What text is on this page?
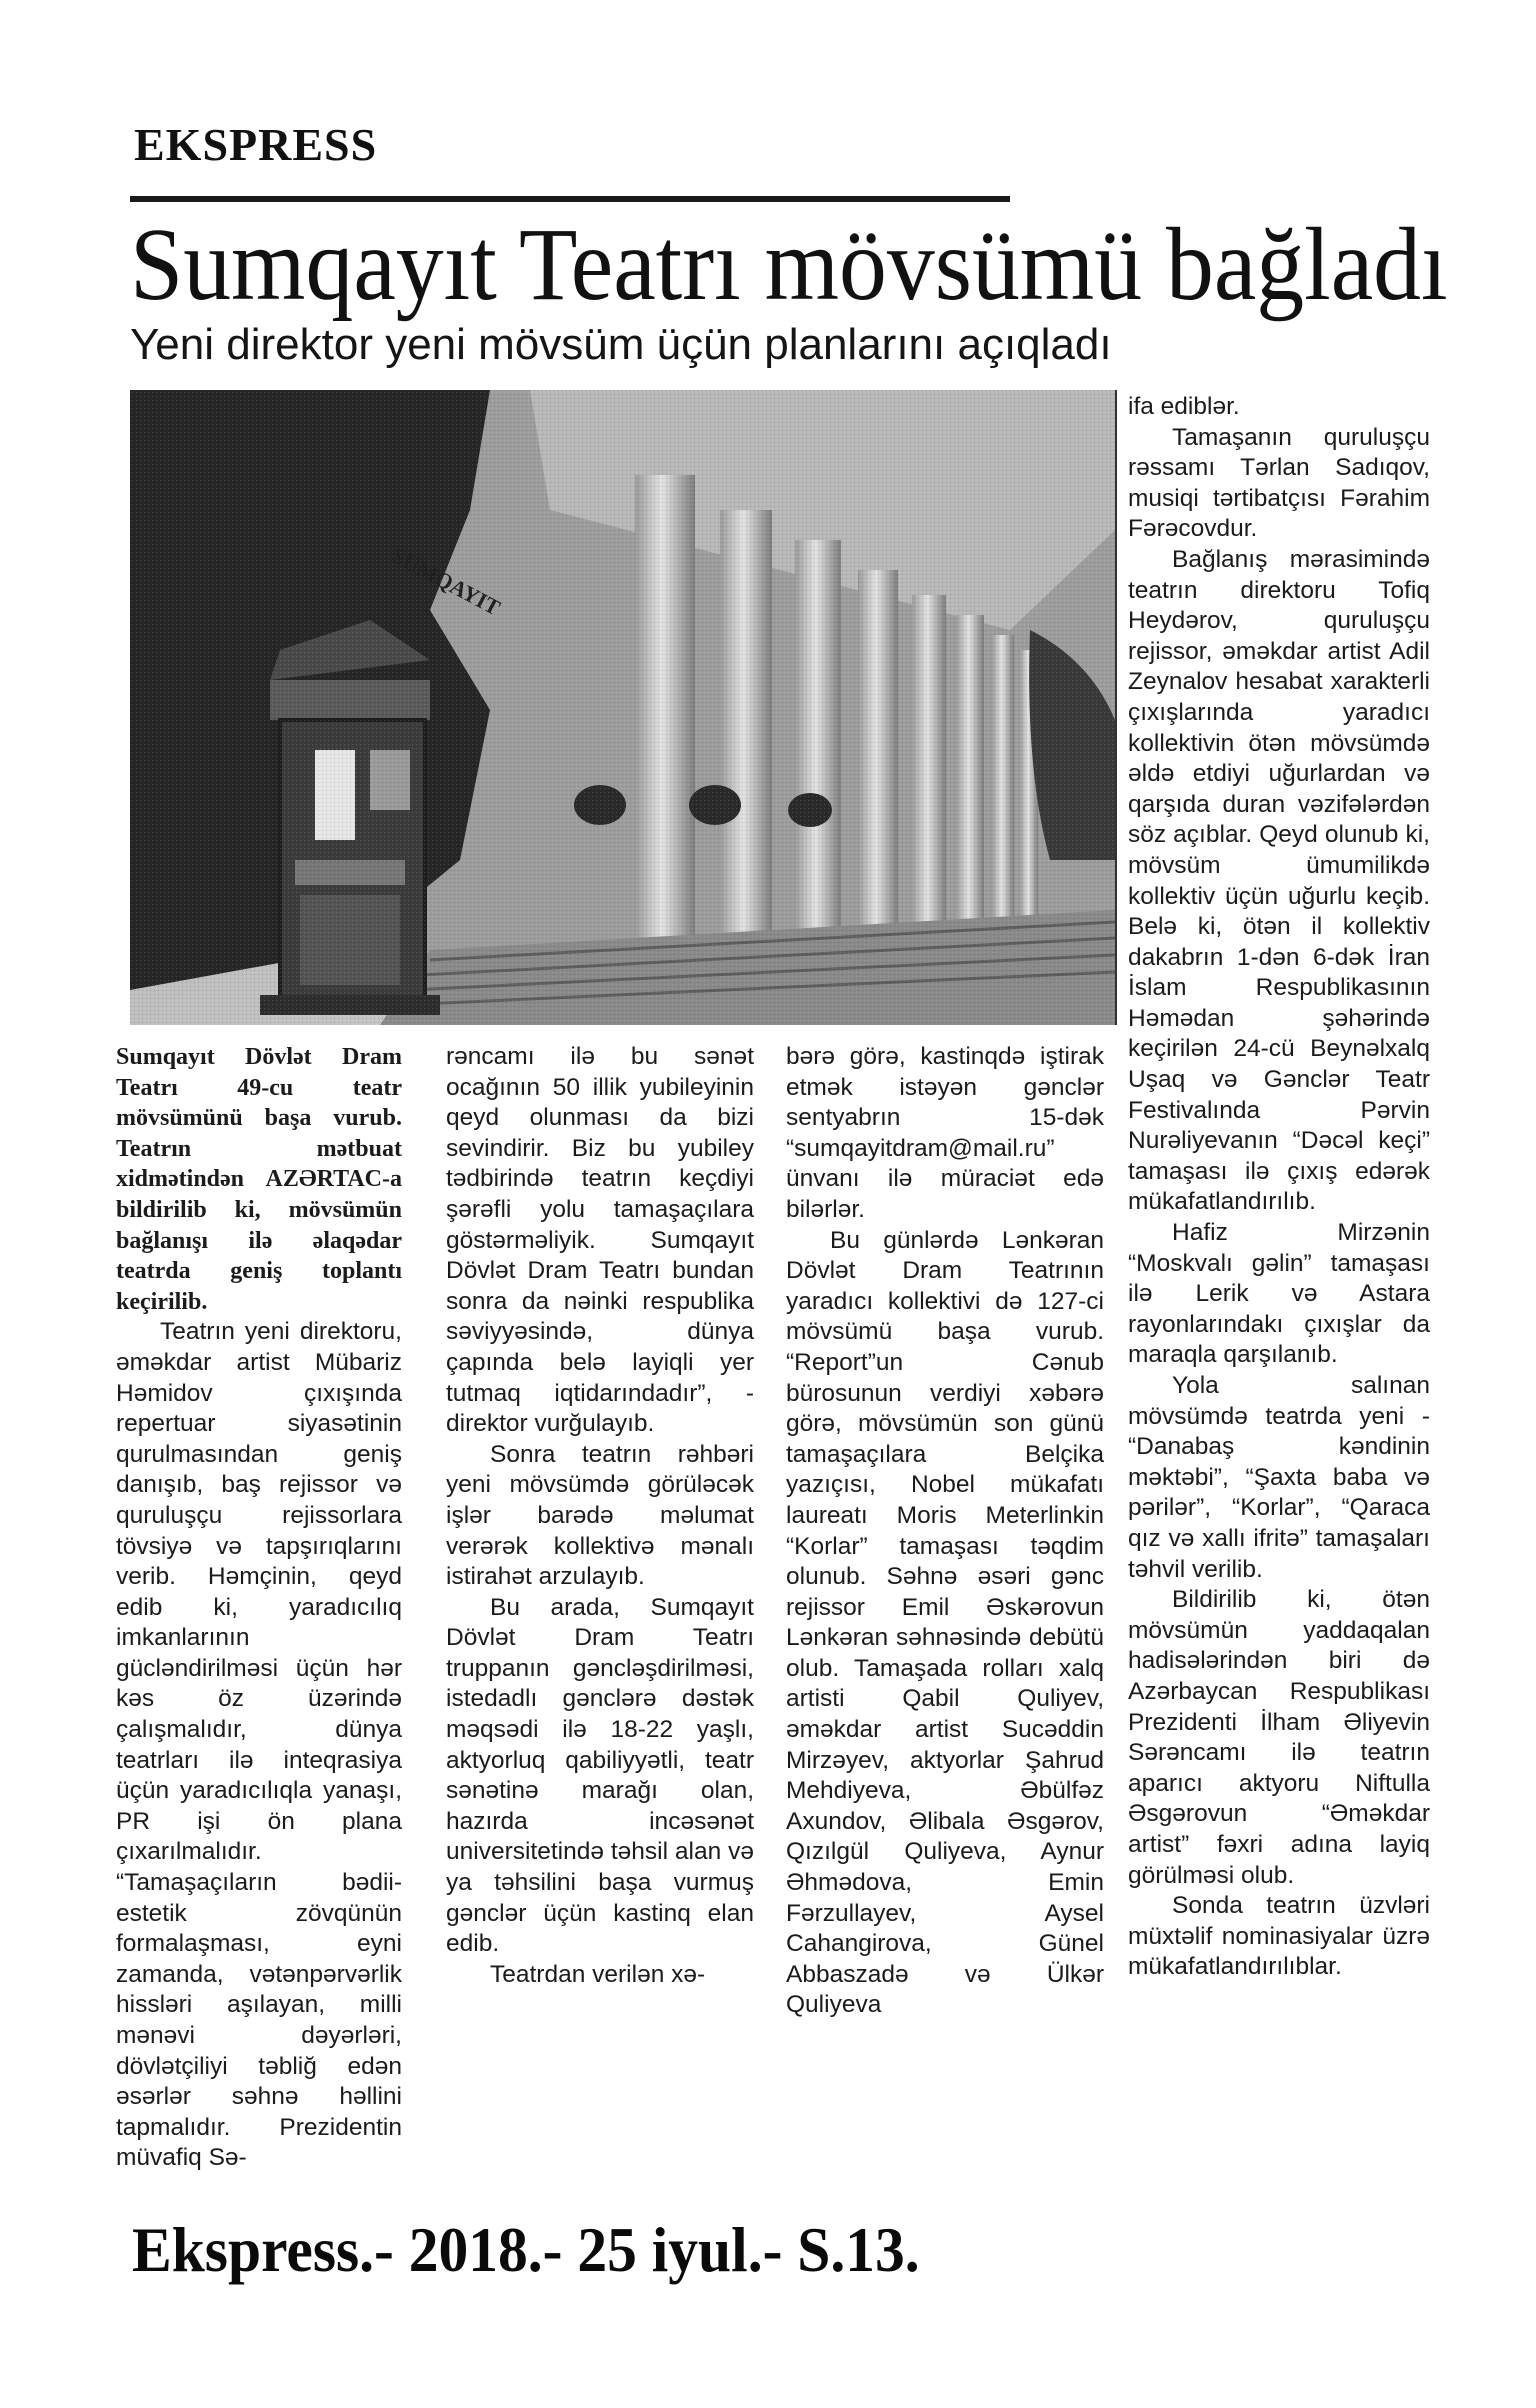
EKSPRESS
Sumqayıt Teatrı mövsümü bağladı
Yeni direktor yeni mövsüm üçün planlarını açıqladı

ifa ediblər.

Tamaşanın quruluşçu rəssamı Tərlan Sadıqov, musiqi tərtibatçısı Fərahim Fərəcovdur.

Bağlanış mərasimində teatrın direktoru Tofiq Heydərov, quruluşçu rejissor, əməkdar artist Adil Zeynalov hesabat xarakterli çıxışlarında yaradıcı kollektivin ötən mövsümdə əldə etdiyi uğurlardan və qarşıda duran vəzifələrdən söz açıblar. Qeyd olunub ki, mövsüm ümumilikdə kollektiv üçün uğurlu keçib. Belə ki, ötən il kollektiv dakabrın 1-dən 6-dək İran İslam Respublikasının Həmədan şəhərində keçirilən 24-cü Beynəlxalq Uşaq və Gənclər Teatr Festivalında Pərvin Nurəliyevanın “Dəcəl keçi” tamaşası ilə çıxış edərək mükafatlandırılıb.

Hafiz Mirzənin “Moskvalı gəlin” tamaşası ilə Lerik və Astara rayonlarındakı çıxışlar da maraqla qarşılanıb.

Yola salınan mövsümdə teatrda yeni - “Danabaş kəndinin məktəbi”, “Şaxta baba və pərilər”, “Korlar”, “Qaraca qız və xallı ifritə” tamaşaları təhvil verilib.

Bildirilib ki, ötən mövsümün yaddaqalan hadisələrindən biri də Azərbaycan Respublikası Prezidenti İlham Əliyevin Sərəncamı ilə teatrın aparıcı aktyoru Niftulla Əsgərovun “Əməkdar artist” fəxri adına layiq görülməsi olub.

Sonda teatrın üzvləri müxtəlif nominasiyalar üzrə mükafatlandırılıblar.

Sumqayıt Dövlət Dram Teatrı 49-cu teatr mövsümünü başa vurub. Teatrın mətbuat xidmətindən AZƏRTAC-a bildirilib ki, mövsümün bağlanışı ilə əlaqədar teatrda geniş toplantı keçirilib.

Teatrın yeni direktoru, əməkdar artist Mübariz Həmidov çıxışında repertuar siyasətinin qurulmasından geniş danışıb, baş rejissor və quruluşçu rejissorlara tövsiyə və tapşırıqlarını verib. Həmçinin, qeyd edib ki, yaradıcılıq imkanlarının gücləndirilməsi üçün hər kəs öz üzərində çalışmalıdır, dünya teatrları ilə inteqrasiya üçün yaradıcılıqla yanaşı, PR işi ön plana çıxarılmalıdır. “Tamaşaçıların bədii-estetik zövqünün formalaşması, eyni zamanda, vətənpərvərlik hissləri aşılayan, milli mənəvi dəyərləri, dövlətçiliyi təbliğ edən əsərlər səhnə həllini tapmalıdır. Prezidentin müvafiq Sə-

rəncamı ilə bu sənət ocağının 50 illik yubileyinin qeyd olunması da bizi sevindirir. Biz bu yubiley tədbirində teatrın keçdiyi şərəfli yolu tamaşaçılara göstərməliyik. Sumqayıt Dövlət Dram Teatrı bundan sonra da nəinki respublika səviyyəsində, dünya çapında belə layiqli yer tutmaq iqtidarındadır”, - direktor vurğulayıb.

Sonra teatrın rəhbəri yeni mövsümdə görüləcək işlər barədə məlumat verərək kollektivə mənalı istirahət arzulayıb.

Bu arada, Sumqayıt Dövlət Dram Teatrı truppanın gəncləşdirilməsi, istedadlı gənclərə dəstək məqsədi ilə 18-22 yaşlı, aktyorluq qabiliyyətli, teatr sənətinə marağı olan, hazırda incəsənət universitetində təhsil alan və ya təhsilini başa vurmuş gənclər üçün kastinq elan edib.

Teatrdan verilən xə-

bərə görə, kastinqdə iştirak etmək istəyən gənclər sentyabrın 15-dək “sumqayitdram@mail.ru” ünvanı ilə müraciət edə bilərlər.

Bu günlərdə Lənkəran Dövlət Dram Teatrının yaradıcı kollektivi də 127-ci mövsümü başa vurub. “Report”un Cənub bürosunun verdiyi xəbərə görə, mövsümün son günü tamaşaçılara Belçika yazıçısı, Nobel mükafatı laureatı Moris Meterlinkin “Korlar” tamaşası təqdim olunub. Səhnə əsəri gənc rejissor Emil Əskərovun Lənkəran səhnəsində debütü olub. Tamaşada rolları xalq artisti Qabil Quliyev, əməkdar artist Sucəddin Mirzəyev, aktyorlar Şahrud Mehdiyeva, Əbülfəz Axundov, Əlibala Əsgərov, Qızılgül Quliyeva, Aynur Əhmədova, Emin Fərzullayev, Aysel Cahangirova, Günel Abbaszadə və Ülkər Quliyeva

Ekspress.- 2018.- 25 iyul.- S.13.
